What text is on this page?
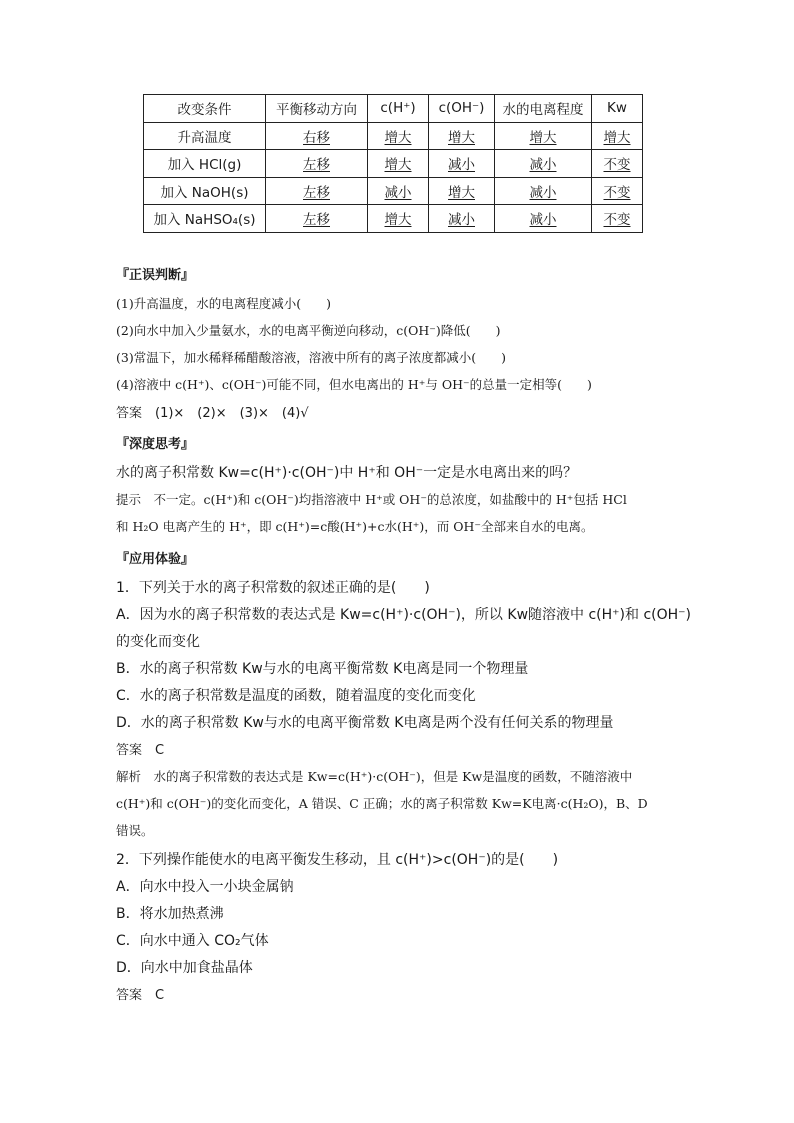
改变条件	平衡移动方向	c(H⁺)	c(OH⁻)	水的电离程度	Kw
升高温度	右移	增大	增大	增大	增大
加入 HCl(g)	左移	增大	减小	减小	不变
加入 NaOH(s)	左移	减小	增大	减小	不变
加入 NaHSO₄(s)	左移	增大	减小	减小	不变
『正误判断』
(1)升高温度，水的电离程度减小(　　)
(2)向水中加入少量氨水，水的电离平衡逆向移动，c(OH⁻)降低(　　)
(3)常温下，加水稀释稀醋酸溶液，溶液中所有的离子浓度都减小(　　)
(4)溶液中 c(H⁺)、c(OH⁻)可能不同，但水电离出的 H⁺与 OH⁻的总量一定相等(　　)
答案　(1)×　(2)×　(3)×　(4)√
『深度思考』
水的离子积常数 Kw=c(H⁺)·c(OH⁻)中 H⁺和 OH⁻一定是水电离出来的吗？
提示　不一定。c(H⁺)和 c(OH⁻)均指溶液中 H⁺或 OH⁻的总浓度，如盐酸中的 H⁺包括 HCl
和 H₂O 电离产生的 H⁺，即 c(H⁺)=c酸(H⁺)+c水(H⁺)，而 OH⁻全部来自水的电离。
『应用体验』
1．下列关于水的离子积常数的叙述正确的是(　　)
A．因为水的离子积常数的表达式是 Kw=c(H⁺)·c(OH⁻)，所以 Kw随溶液中 c(H⁺)和 c(OH⁻)
的变化而变化
B．水的离子积常数 Kw与水的电离平衡常数 K电离是同一个物理量
C．水的离子积常数是温度的函数，随着温度的变化而变化
D．水的离子积常数 Kw与水的电离平衡常数 K电离是两个没有任何关系的物理量
答案　C
解析　水的离子积常数的表达式是 Kw=c(H⁺)·c(OH⁻)，但是 Kw是温度的函数，不随溶液中
c(H⁺)和 c(OH⁻)的变化而变化，A 错误、C 正确；水的离子积常数 Kw=K电离·c(H₂O)，B、D
错误。
2．下列操作能使水的电离平衡发生移动，且 c(H⁺)>c(OH⁻)的是(　　)
A．向水中投入一小块金属钠
B．将水加热煮沸
C．向水中通入 CO₂气体
D．向水中加食盐晶体
答案　C
